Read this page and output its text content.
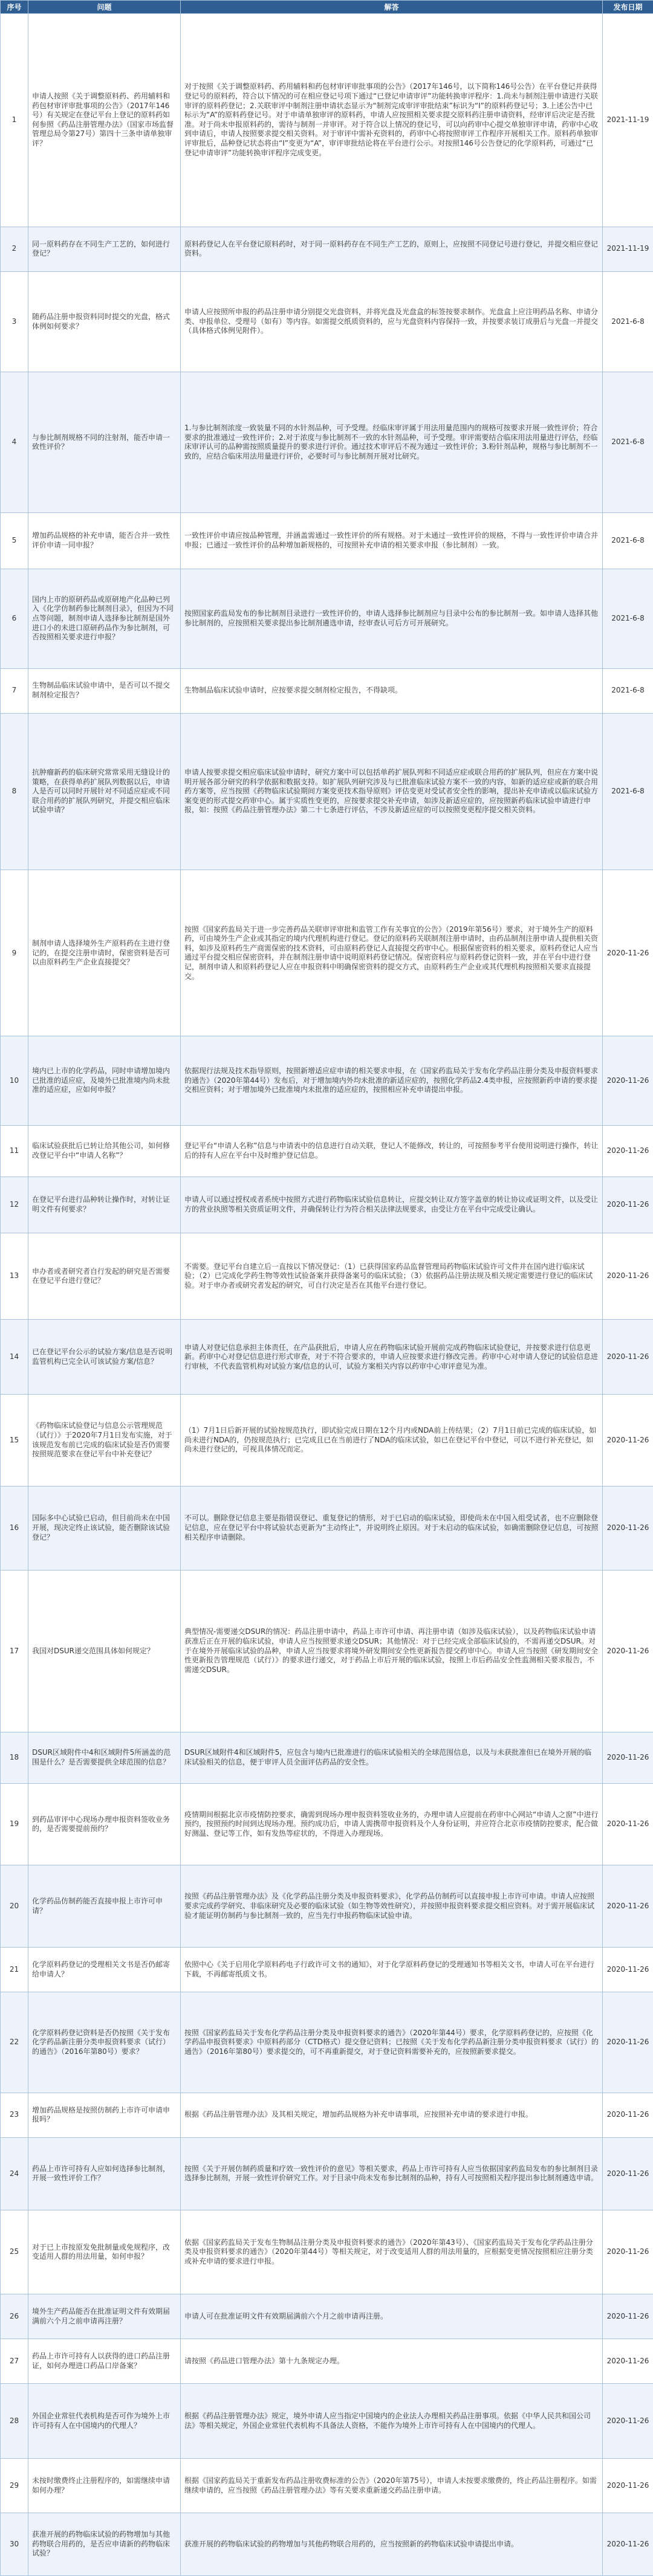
序号	问题	解答	发布日期
1	申请人按照《关于调整原料药、药用辅料和药包材审评审批事项的公告》（2017年146号）有关规定在登记平台上登记的原料药如何参照《药品注册管理办法》（国家市场监督管理总局令第27号）第四十三条申请单独审评？	对于按照《关于调整原料药、药用辅料和药包材审评审批事项的公告》（2017年146号，以下简称146号公告）在平台登记并获得登记号的原料药，符合以下情况的可在相应登记号项下通过“已登记申请审评”功能转换审评程序：1.尚未与制剂注册申请进行关联审评的原料药登记；2.关联审评中制剂注册申请状态显示为“制剂完成审评审批结束”标识为“I”的原料药登记号；3.上述公告中已标示为“A”的原料药登记号。对于申请单独审评的原料药，申请人应按照相关要求提交原料药注册申请资料，经审评后决定是否批准。对于尚未申报原料药的，需待与制剂一并审评。对于符合以上情况的登记号，可以向药审中心提交单独审评申请，药审中心收到申请后，申请人按照要求提交相关资料。对于审评中需补充资料的，药审中心将按照审评工作程序开展相关工作。原料药单独审评审批后，品种登记状态将由“I”变更为“A”，审评审批结论将在平台进行公示。对按照146号公告登记的化学原料药，可通过“已登记申请审评”功能转换审评程序完成变更。	2021-11-19
2	同一原料药存在不同生产工艺的，如何进行登记？	原料药登记人在平台登记原料药时，对于同一原料药存在不同生产工艺的，原则上，应按照不同登记号进行登记，并提交相应登记资料。	2021-11-19
3	随药品注册申报资料同时提交的光盘，格式体例如何要求？	申请人应按照所申报的药品注册申请分别提交光盘资料，并将光盘及光盘盒的标签按要求制作。光盘盒上应注明药品名称、申请分类、申报单位、受理号（如有）等内容。如需提交纸质资料的，应与光盘资料内容保持一致，并按要求装订成册后与光盘一并提交（具体格式体例见附件）。	2021-6-8
4	与参比制剂规格不同的注射剂，能否申请一致性评价？	1.与参比制剂浓度一致装量不同的水针剂品种，可予受理。经临床审评属于用法用量范围内的规格可按要求开展一致性评价；符合要求的批准通过一致性评价；2.对于浓度与参比制剂不一致的水针剂品种，可予受理。审评需要结合临床用法用量进行评估，经临床审评认可的品种需按照质量提升的要求进行评价。通过技术审评后不视为通过一致性评价；3.粉针剂品种，规格与参比制剂不一致的，应结合临床用法用量进行评价，必要时可与参比制剂开展对比研究。	2021-6-8
5	增加药品规格的补充申请，能否合并一致性评价申请一同申报？	一致性评价申请应按品种管理，并涵盖需通过一致性评价的所有规格。对于未通过一致性评价的规格，不得与一致性评价申请合并申报；已通过一致性评价的品种增加新规格的，可按照补充申请的相关要求申报（参比制剂）一致。	2021-6-8
6	国内上市的原研药品或原研地产化品种已列入《化学仿制药参比制剂目录》，但因为不同点等问题，制剂申请人选择参比制剂是国外进口小的未进口原研药品作为参比制剂，可否按照相关要求进行申报？	按照国家药监局发布的参比制剂目录进行一致性评价的，申请人选择参比制剂应与目录中公布的参比制剂一致。如申请人选择其他参比制剂的，应按照相关要求提出参比制剂遴选申请，经审查认可后方可开展研究。	2021-6-8
7	生物制品临床试验申请中，是否可以不提交制剂检定报告？	生物制品临床试验申请时，应按要求提交制剂检定报告，不得缺项。	2021-6-8
8	抗肿瘤新药的临床研究常常采用无缝设计的策略，在获得单药扩展队列数据以后，申请人是否可以同时开展针对不同适应症或不同联合用药的扩展队列研究，并提交相应临床试验申请？	申请人按要求提交相应临床试验申请时，研究方案中可以包括单药扩展队列和不同适应症或联合用药的扩展队列，但应在方案中说明开展各部分研究的科学依据和数据支持。如扩展队列研究涉及与已批准临床试验方案不一致的内容，如新的适应症或新的联合用药方案等，应当按照《药物临床试验期间方案变更技术指导原则》评估变更对受试者安全性的影响，提出补充申请或以临床试验方案变更的形式提交药审中心。属于实质性变更的，应按要求提交补充申请，如涉及新适应症的，应按照新药临床试验申请进行申报，如：按照《药品注册管理办法》第二十七条进行评估，不涉及新适应症的可以按照变更程序提交相关资料。	2021-6-8
9	制剂申请人选择境外生产原料药在主进行登记的，在提交注册申请时，保密资料是否可以由原料药生产企业直接提交？	按照《国家药监局关于进一步完善药品关联审评审批和监管工作有关事宜的公告》（2019年第56号）要求，对于境外生产的原料药，可由境外生产企业或其指定的境内代理机构进行登记。登记的原料药关联制剂注册申请时，由药品制剂注册申请人提供相关资料，如涉及原料药生产商需保密的技术资料，可由原料药登记人直接提交药审中心。根据保密资料的相关要求，原料药登记人应当通过平台提交相应保密资料，并在制剂注册申请中说明原料药登记情况。保密资料应与原料药登记资料一致，并在平台中进行登记，制剂申请人和原料药登记人应在申报资料中明确保密资料的提交方式，由原料药生产企业或其代理机构按照相关要求直接提交。	2020-11-26
10	境内已上市的化学药品，同时申请增加境内已批准的适应症，及境外已批准境内尚未批准的适应症，应如何申报？	依据现行法规及技术指导原则，按照新增适应症申请的相关要求申报，在《国家药监局关于发布化学药品注册分类及申报资料要求的通告》（2020年第44号）发布后，对于增加境内外均未批准的新适应症的，按照化学药品2.4类申报，应按照新药申请的要求提交相应资料；对于增加境外已批准境内未批准的适应症的，按照相应补充申请提出申报。	2020-11-26
11	临床试验获批后已转让给其他公司，如何修改登记平台中“申请人名称”？	登记平台“申请人名称”信息与申请表中的信息进行自动关联，登记人不能修改，转让的，可按照参考平台使用说明进行操作，转让后的持有人应在平台中及时维护登记信息。	2020-11-26
12	在登记平台进行品种转让操作时，对转让证明文件有何要求？	申请人可以通过授权或者系统中按照方式进行药物临床试验信息转让，应提交转让双方签字盖章的转让协议或证明文件，以及受让方的营业执照等相关资质证明文件，并确保转让行为符合相关法律法规要求，由受让方在平台中完成受让确认。	2020-11-26
13	申办者或者研究者自行发起的研究是否需要在登记平台进行登记？	不需要。登记平台自建立后一直按以下情况登记：（1）已获得国家药品监督管理局药物临床试验许可文件并在国内进行临床试验；（2）已完成化学药生物等效性试验备案并获得备案号的临床试验；（3）依据药品注册法规及相关规定需要进行登记的临床试验。对于申办者或研究者发起的研究，可自行决定是否在其他平台进行登记。	2020-11-26
14	已在登记平台公示的试验方案/信息是否说明监管机构已完全认可该试验方案/信息？	申请人对登记信息承担主体责任，在产品获批后，申请人应在药物临床试验开展前完成药物临床试验登记，并按要求进行信息更新。药审中心对登记信息进行形式审查，对于不符合要求的，申请人应按要求进行修改完善。药审中心对申请人登记的试验信息进行审核，不代表监管机构对试验方案/信息的认可，试验方案相关内容以药审中心审评意见为准。	2020-11-26
15	《药物临床试验登记与信息公示管理规范（试行）》于2020年7月1日发布实施，对于该规范发布前已完成的临床试验是否仍需要按照规范要求在登记平台中补充登记？	（1）7月1日后新开展的试验按规范执行，即试验完成日期在12个月内或NDA前上传结果；（2）7月1日前已完成的临床试验，如尚未进行NDA的，仍按规范执行；已完成且已在当前进行了NDA的临床试验，如已在登记平台中登记，可以不进行补充登记，如尚未进行登记的，可视具体情况而定。	2020-11-26
16	国际多中心试验已启动，但目前尚未在中国开展，现决定终止该试验，能否删除该试验登记？	不可以。删除登记信息主要是指错误登记、重复登记的情形，对于已启动的临床试验，即使尚未在中国入组受试者，也不应删除登记信息，应在登记平台中将试验状态更新为“主动终止”，并说明终止原因。对于未启动的临床试验，如确需删除登记信息，可按照相关程序申请删除。	2020-11-26
17	我国对DSUR递交范围具体如何规定？	典型情况-需要递交DSUR的情况：药品注册申请中，药品上市许可申请、再注册申请（如涉及临床试验），以及药物临床试验申请获准后正在开展的临床试验，申请人应当按照要求递交DSUR；其他情况：对于已经完成全部临床试验的，不需再递交DSUR。对于在境外开展临床试验的品种，申请人应当按要求将境外研发期间安全性更新报告提交药审中心。申请人应当按照《研发期间安全性更新报告管理规范（试行）》的要求进行递交，对于药品上市后开展的临床试验，按照上市后药品安全性监测相关要求报告，不需递交DSUR。	2020-11-26
18	DSUR区域附件中4和区域附件5所涵盖的范围是什么？是否需要提供全球范围的信息？	DSUR区域附件4和区域附件5，应包含与境内已批准进行的临床试验相关的全球范围信息，以及与未获批准但已在境外开展的临床试验相关的信息，便于审评人员全面评估药品的安全性。	2020-11-26
19	到药品审评中心现场办理申报资料签收业务的，是否需要提前预约？	疫情期间根据北京市疫情防控要求，确需到现场办理申报资料签收业务的，办理申请人应提前在药审中心网站“申请人之窗”中进行预约，按照预约时间到达现场办理。预约成功后，申请人需携带申报资料及个人身份证明，并应符合北京市疫情防控要求，配合做好测温、登记等工作，如有发热等症状的，不得进入办理现场。	2020-11-26
20	化学药品仿制药能否直接申报上市许可申请？	按照《药品注册管理办法》及《化学药品注册分类及申报资料要求》，化学药品仿制药可以直接申报上市许可申请。申请人应按照要求完成药学研究、非临床研究及必要的临床试验（如生物等效性研究），并按照申报资料要求提交相应资料。对于需开展临床试验才能证明仿制药与参比制剂一致的，应当先行申报药物临床试验申请。	2020-11-26
21	化学原料药登记的受理相关文书是否仍邮寄给申请人？	依照中心《关于启用化学原料药电子行政许可文书的通知》，对于化学原料药登记的受理通知书等相关文书，申请人可在平台进行下载，不再邮寄纸质文书。	2020-11-26
22	化学原料药登记资料是否仍按照《关于发布化学药品新注册分类申报资料要求（试行）的通告》（2016年第80号）要求？	按照《国家药监局关于发布化学药品注册分类及申报资料要求的通告》（2020年第44号）要求，化学原料药登记的，应按照《化学药品申报资料要求》中原料药部分（CTD格式）提交登记资料；已按照《关于发布化学药品新注册分类申报资料要求（试行）的通告》（2016年第80号）要求提交的，可不再重新提交，对于登记资料需要补充的，应按照新要求提交。	2020-11-26
23	增加药品规格是按照仿制药上市许可申请申报吗？	根据《药品注册管理办法》及其相关规定，增加药品规格为补充申请事项，应按照补充申请的要求进行申报。	2020-11-26
24	药品上市许可持有人应如何选择参比制剂，开展一致性评价工作？	按照《关于开展仿制药质量和疗效一致性评价的意见》等相关要求，药品上市许可持有人应当依据国家药监局发布的参比制剂目录选择参比制剂，开展一致性评价研究工作。对于目录中尚未发布参比制剂的品种，持有人可按照相关程序提出参比制剂遴选申请。	2020-11-26
25	对于已上市按原发免批制量或免规程序，改变适用人群的用法用量，如何申报？	依据《国家药监局关于发布生物制品注册分类及申报资料要求的通告》（2020年第43号）、《国家药监局关于发布化学药品注册分类及申报资料要求的通告》（2020年第44号）等相关规定，对于改变适用人群的用法用量的，应根据变更情况按照相应注册分类或补充申请的要求进行申报。	2020-11-26
26	境外生产药品能否在批准证明文件有效期届满前六个月之前申请再注册？	申请人可在批准证明文件有效期届满前六个月之前申请再注册。	2020-11-26
27	药品上市许可持有人以获得的进口药品注册证，如何办理进口药品口岸备案？	请按照《药品进口管理办法》第十九条规定办理。	2020-11-26
28	外国企业常驻代表机构是否可作为境外上市许可持有人在中国境内的代理人？	根据《药品注册管理办法》规定，境外申请人应当指定中国境内的企业法人办理相关药品注册事项。依据《中华人民共和国公司法》等相关规定，外国企业常驻代表机构不具备法人资格，不能作为境外上市许可持有人在中国境内的代理人。	2020-11-26
29	未按时缴费终止注册程序的，如需继续申请如何办理？	根据《国家药监局关于重新发布药品注册收费标准的公告》（2020年第75号），申请人未按要求缴费的，终止药品注册程序。如需继续申请的，应当按照《药品注册管理办法》等有关要求重新递交药品注册申请。	2020-11-26
30	获准开展的药物临床试验的药物增加与其他药物联合用药的，是否应申请新的药物临床试验？	获准开展的药物临床试验的药物增加与其他药物联合用药的，应当按照新的药物临床试验申请提出申请。	2020-11-26
